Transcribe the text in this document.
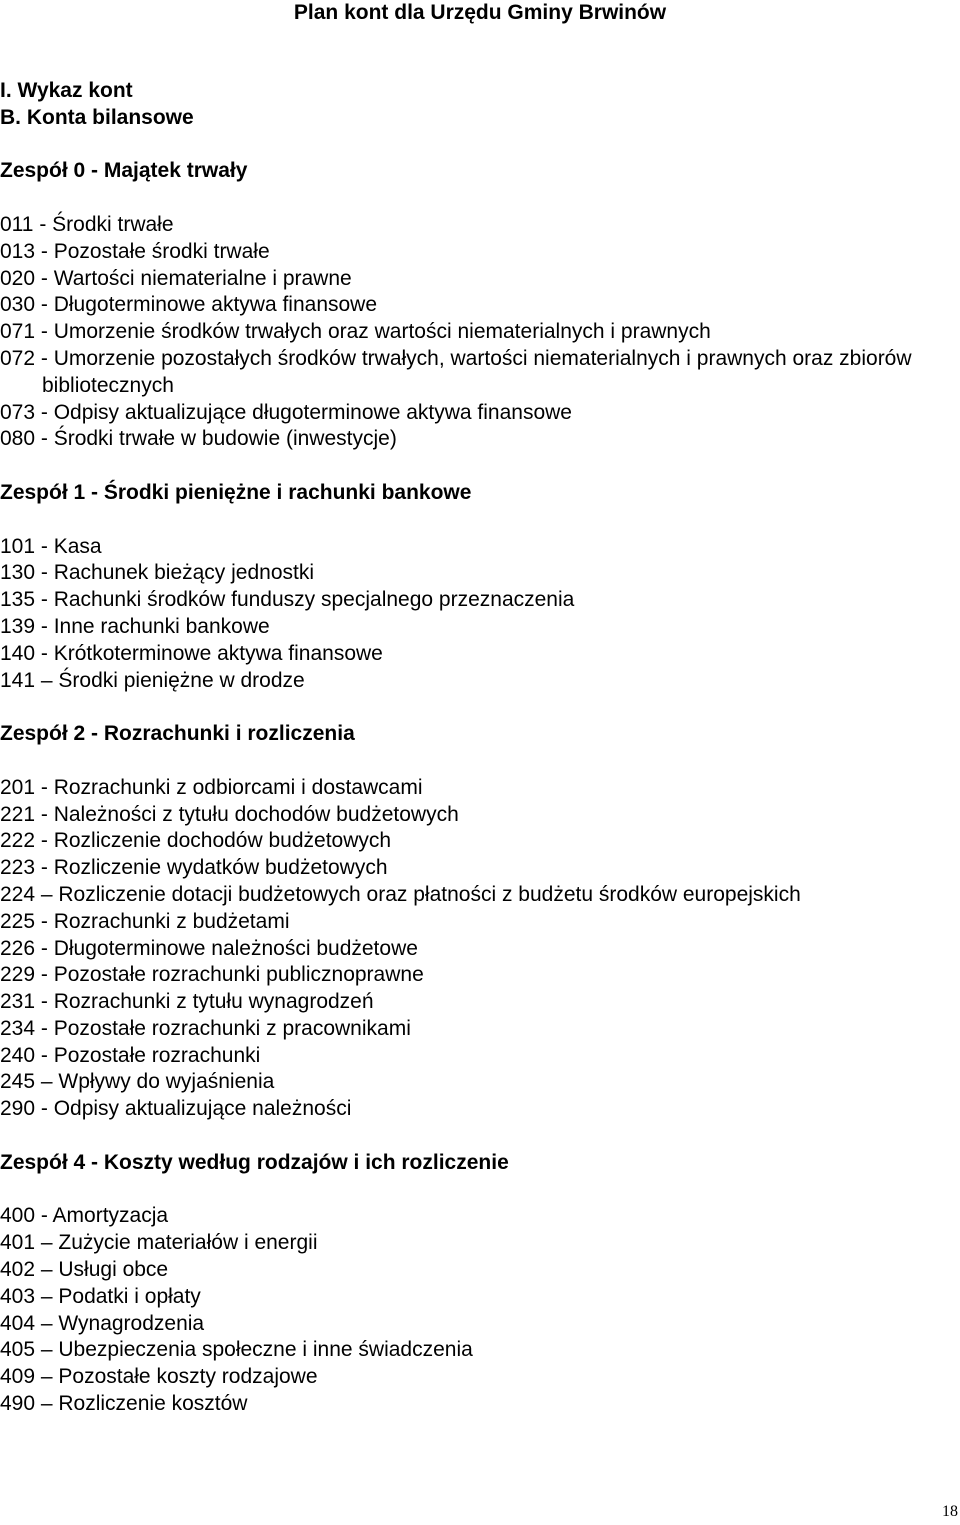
Plan kont dla Urzędu Gminy Brwinów

I. Wykaz kont

B. Konta bilansowe

Zespół 0 - Majątek trwały

011 - Środki trwałe

013 - Pozostałe środki trwałe

020 - Wartości niematerialne i prawne

030 - Długoterminowe aktywa finansowe

071 - Umorzenie środków trwałych oraz wartości niematerialnych i prawnych

072 - Umorzenie pozostałych środków trwałych, wartości niematerialnych i prawnych oraz zbiorów bibliotecznych

073 - Odpisy aktualizujące długoterminowe aktywa finansowe

080 - Środki trwałe w budowie (inwestycje)

Zespół 1 - Środki pieniężne i rachunki bankowe

101 - Kasa

130 - Rachunek bieżący jednostki

135 - Rachunki środków funduszy specjalnego przeznaczenia

139 - Inne rachunki bankowe

140 - Krótkoterminowe aktywa finansowe

141 – Środki pieniężne w drodze

Zespół 2 - Rozrachunki i rozliczenia

201 - Rozrachunki z odbiorcami i dostawcami

221 - Należności z tytułu dochodów budżetowych

222 - Rozliczenie dochodów budżetowych

223 - Rozliczenie wydatków budżetowych

224 – Rozliczenie dotacji budżetowych oraz płatności z budżetu środków europejskich

225 - Rozrachunki z budżetami

226 - Długoterminowe należności budżetowe

229 - Pozostałe rozrachunki publicznoprawne

231 - Rozrachunki z tytułu wynagrodzeń

234 - Pozostałe rozrachunki z pracownikami

240 - Pozostałe rozrachunki

245 – Wpływy do wyjaśnienia

290 - Odpisy aktualizujące należności

Zespół 4 - Koszty według rodzajów i ich rozliczenie

400 - Amortyzacja

401 – Zużycie materiałów i energii

402 – Usługi obce

403 – Podatki i opłaty

404 – Wynagrodzenia

405 – Ubezpieczenia społeczne i inne świadczenia

409 – Pozostałe koszty rodzajowe

490 – Rozliczenie kosztów

18
